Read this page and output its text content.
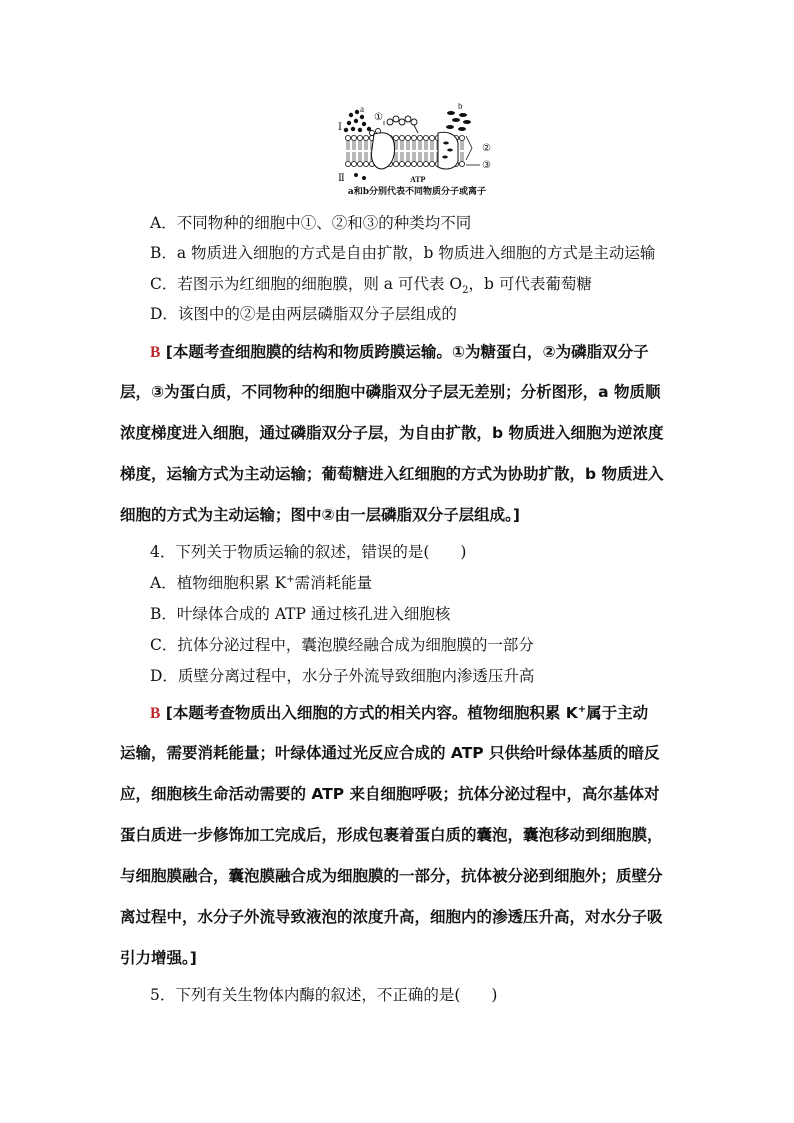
a	b
①
②
③
Ⅰ
Ⅱ	ATP
a和b分别代表不同物质分子或离子
A．不同物种的细胞中①、②和③的种类均不同
B．a 物质进入细胞的方式是自由扩散，b 物质进入细胞的方式是主动运输
C．若图示为红细胞的细胞膜，则 a 可代表 $O_2$，b 可代表葡萄糖
D．该图中的②是由两层磷脂双分子层组成的
B [本题考查细胞膜的结构和物质跨膜运输。①为糖蛋白，②为磷脂双分子
层，③为蛋白质，不同物种的细胞中磷脂双分子层无差别；分析图形，a 物质顺
浓度梯度进入细胞，通过磷脂双分子层，为自由扩散，b 物质进入细胞为逆浓度
梯度，运输方式为主动运输；葡萄糖进入红细胞的方式为协助扩散，b 物质进入
细胞的方式为主动运输；图中②由一层磷脂双分子层组成。]
4．下列关于物质运输的叙述，错误的是(　　)
A．植物细胞积累 K+需消耗能量
B．叶绿体合成的 ATP 通过核孔进入细胞核
C．抗体分泌过程中，囊泡膜经融合成为细胞膜的一部分
D．质壁分离过程中，水分子外流导致细胞内渗透压升高
B [本题考查物质出入细胞的方式的相关内容。植物细胞积累 K+属于主动
运输，需要消耗能量；叶绿体通过光反应合成的 ATP 只供给叶绿体基质的暗反
应，细胞核生命活动需要的 ATP 来自细胞呼吸；抗体分泌过程中，高尔基体对
蛋白质进一步修饰加工完成后，形成包裹着蛋白质的囊泡，囊泡移动到细胞膜，
与细胞膜融合，囊泡膜融合成为细胞膜的一部分，抗体被分泌到细胞外；质壁分
离过程中，水分子外流导致液泡的浓度升高，细胞内的渗透压升高，对水分子吸
引力增强。]
5．下列有关生物体内酶的叙述，不正确的是(　　)
